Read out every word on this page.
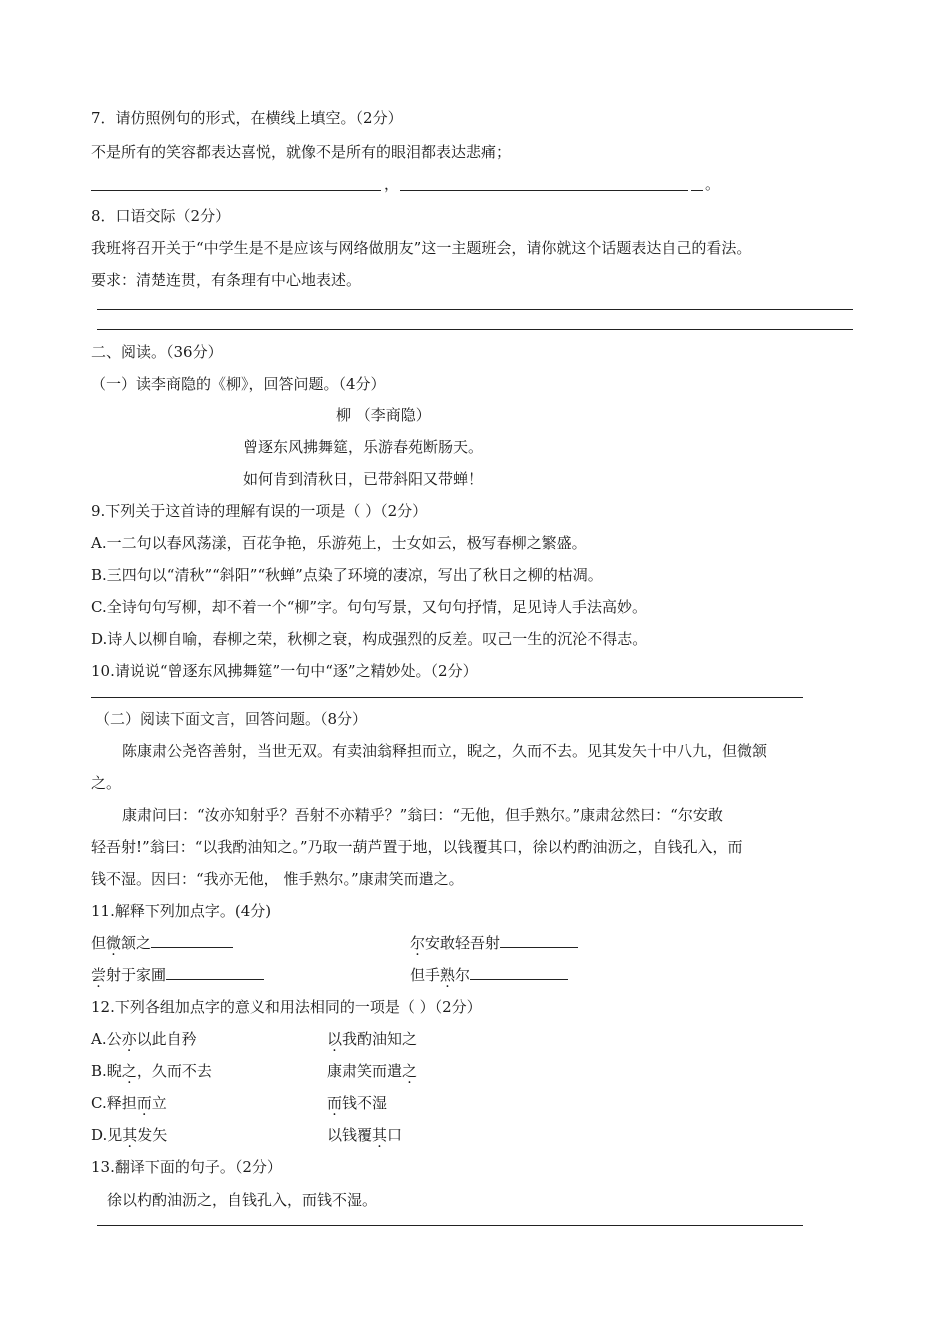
7．请仿照例句的形式，在横线上填空。（2分）
不是所有的笑容都表达喜悦，就像不是所有的眼泪都表达悲痛；
，	。
8．口语交际（2分）
我班将召开关于“中学生是不是应该与网络做朋友”这一主题班会，请你就这个话题表达自己的看法。
要求：清楚连贯，有条理有中心地表述。
二、阅读。（36分）
（一）读李商隐的《柳》，回答问题。（4分）
柳 （李商隐）
曾逐东风拂舞筵，乐游春苑断肠天。
如何肯到清秋日，已带斜阳又带蝉！
9.下列关于这首诗的理解有误的一项是（ ）（2分）
A.一二句以春风荡漾，百花争艳，乐游苑上，士女如云，极写春柳之繁盛。
B.三四句以“清秋”“斜阳”“秋蝉”点染了环境的凄凉，写出了秋日之柳的枯凋。
C.全诗句句写柳，却不着一个“柳”字。句句写景，又句句抒情，足见诗人手法高妙。
D.诗人以柳自喻，春柳之荣，秋柳之衰，构成强烈的反差。叹己一生的沉沦不得志。
10.请说说“曾逐东风拂舞筵”一句中“逐”之精妙处。（2分）
（二）阅读下面文言，回答问题。（8分）
陈康肃公尧咨善射，当世无双。有卖油翁释担而立，睨之，久而不去。见其发矢十中八九，但微颔
之。
康肃问曰：“汝亦知射乎？吾射不亦精乎？”翁曰：“无他，但手熟尔。”康肃忿然曰：“尔安敢
轻吾射!”翁曰：“以我酌油知之。”乃取一葫芦置于地，以钱覆其口，徐以杓酌油沥之，自钱孔入，而
钱不湿。因曰：“我亦无他， 惟手熟尔。”康肃笑而遣之。
11.解释下列加点字。(4分)
但微颔之	尔安敢轻吾射
尝射于家圃	但手熟尔
12.下列各组加点字的意义和用法相同的一项是（ ）（2分）
A.公亦以此自矜	以我酌油知之
B.睨之，久而不去	康肃笑而遣之
C.释担而立	而钱不湿
D.见其发矢	以钱覆其口
13.翻译下面的句子。（2分）
徐以杓酌油沥之，自钱孔入，而钱不湿。
